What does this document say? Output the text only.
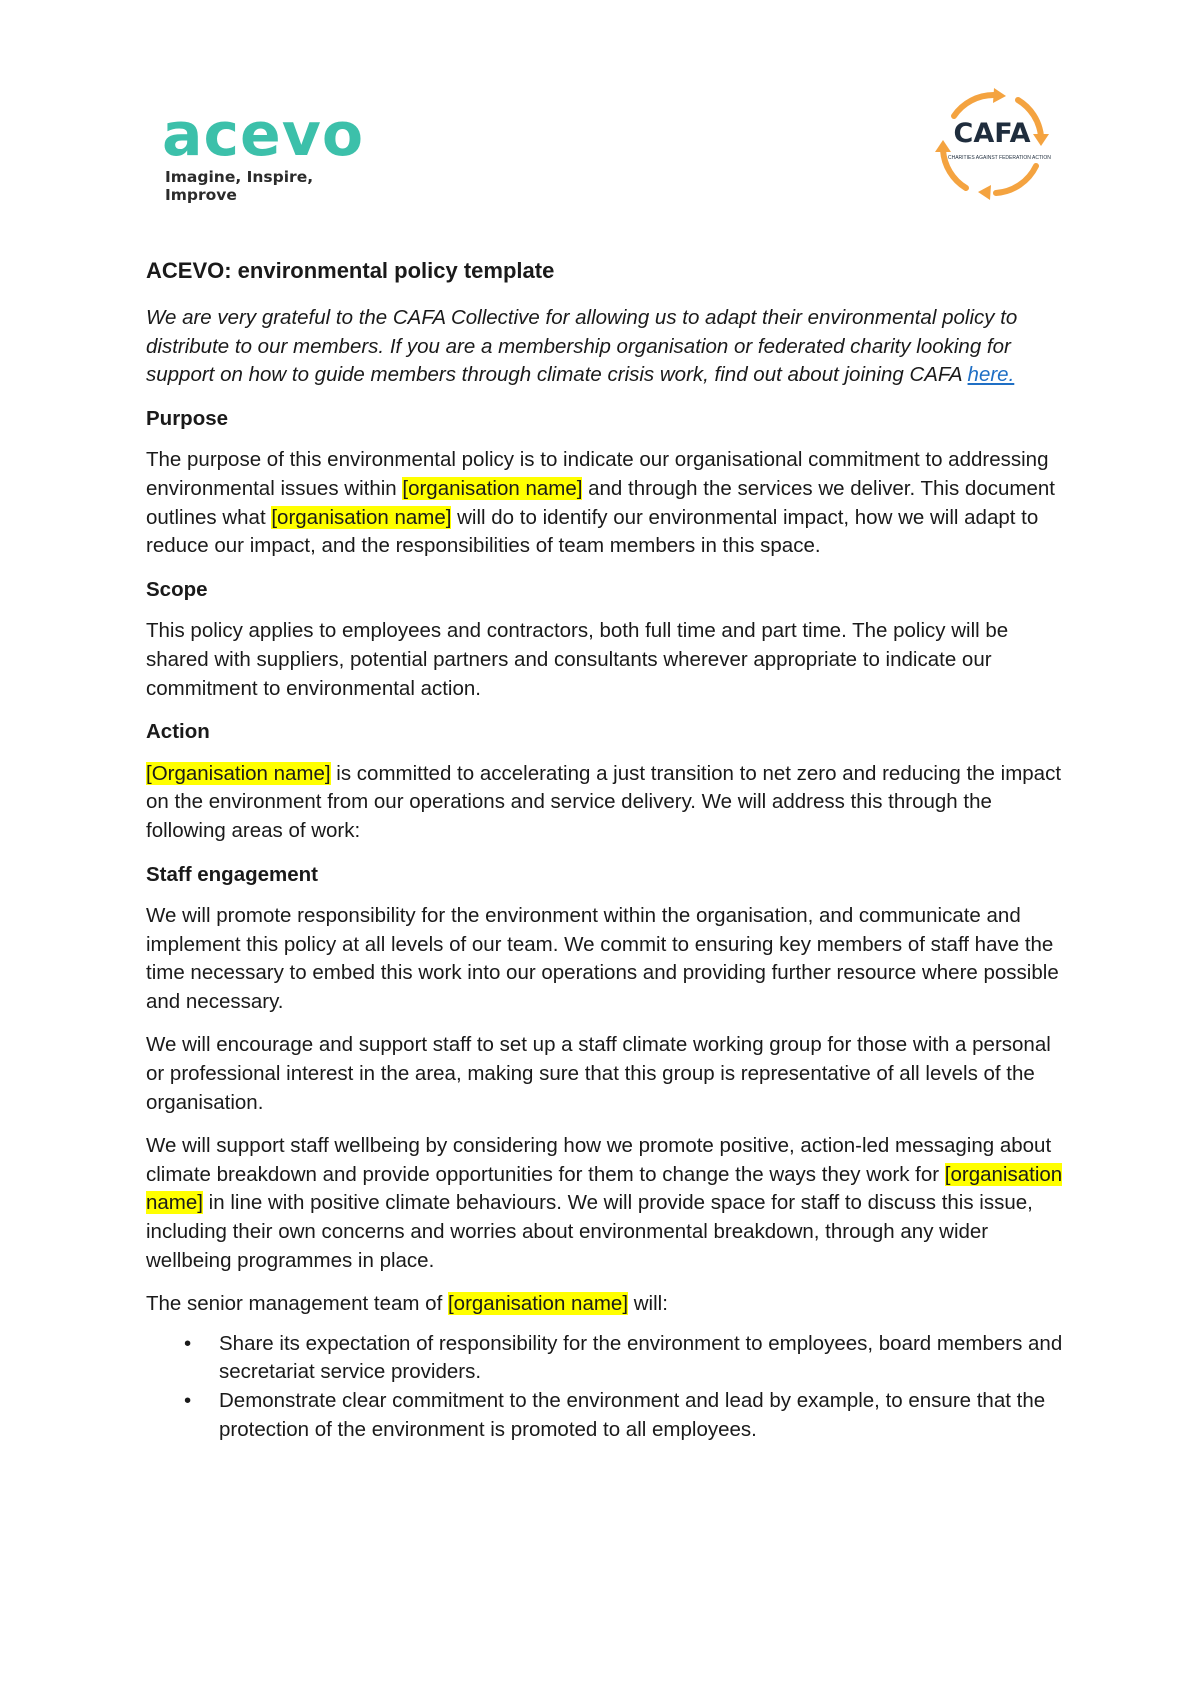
acevo
Imagine, Inspire, Improve
CAFA
CHARITIES AGAINST FEDERATION ACTION
ACEVO: environmental policy template

We are very grateful to the CAFA Collective for allowing us to adapt their environmental policy to distribute to our members. If you are a membership organisation or federated charity looking for support on how to guide members through climate crisis work, find out about joining CAFA here.

Purpose

The purpose of this environmental policy is to indicate our organisational commitment to addressing environmental issues within [organisation name] and through the services we deliver. This document outlines what [organisation name] will do to identify our environmental impact, how we will adapt to reduce our impact, and the responsibilities of team members in this space.

Scope

This policy applies to employees and contractors, both full time and part time. The policy will be shared with suppliers, potential partners and consultants wherever appropriate to indicate our commitment to environmental action.

Action

[Organisation name] is committed to accelerating a just transition to net zero and reducing the impact on the environment from our operations and service delivery. We will address this through the following areas of work:

Staff engagement

We will promote responsibility for the environment within the organisation, and communicate and implement this policy at all levels of our team. We commit to ensuring key members of staff have the time necessary to embed this work into our operations and providing further resource where possible and necessary.

We will encourage and support staff to set up a staff climate working group for those with a personal or professional interest in the area, making sure that this group is representative of all levels of the organisation.

We will support staff wellbeing by considering how we promote positive, action-led messaging about climate breakdown and provide opportunities for them to change the ways they work for [organisation name] in line with positive climate behaviours. We will provide space for staff to discuss this issue, including their own concerns and worries about environmental breakdown, through any wider wellbeing programmes in place.

The senior management team of [organisation name] will:

• Share its expectation of responsibility for the environment to employees, board members and secretariat service providers.
• Demonstrate clear commitment to the environment and lead by example, to ensure that the protection of the environment is promoted to all employees.
